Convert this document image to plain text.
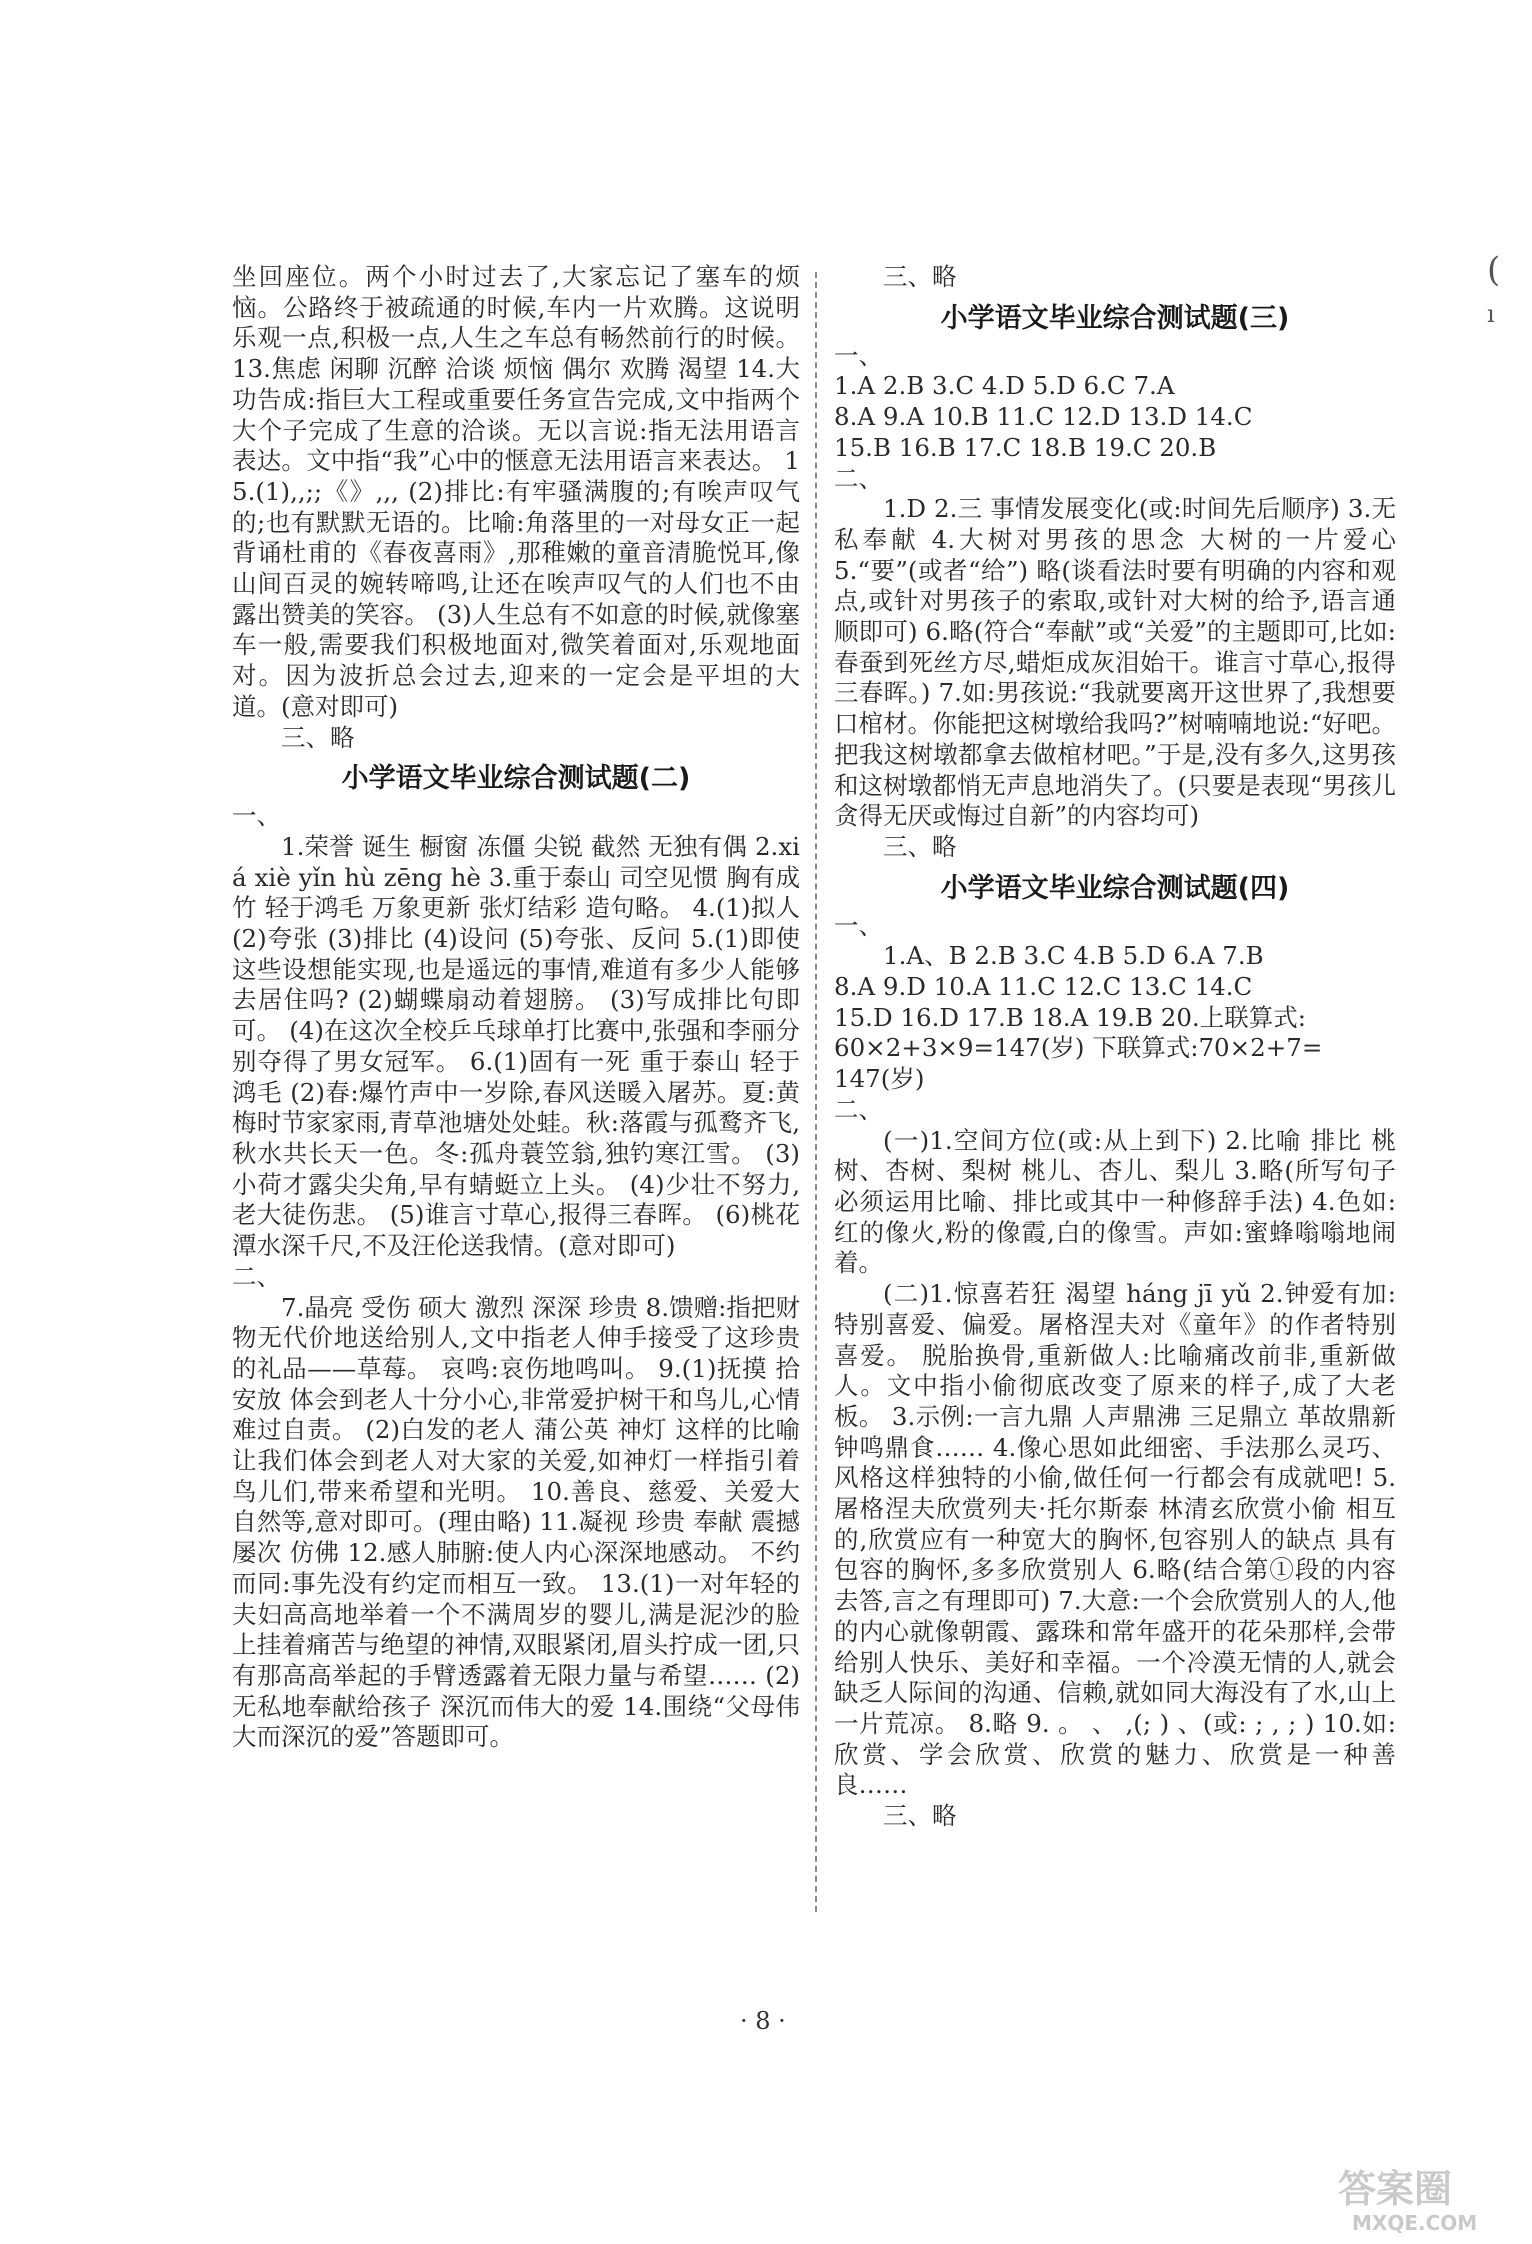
坐回座位。两个小时过去了,大家忘记了塞车的烦恼。公路终于被疏通的时候,车内一片欢腾。这说明乐观一点,积极一点,人生之车总有畅然前行的时候。 13.焦虑 闲聊 沉醉 洽谈 烦恼 偶尔 欢腾 渴望 14.大功告成:指巨大工程或重要任务宣告完成,文中指两个大个子完成了生意的洽谈。无以言说:指无法用语言表达。文中指“我”心中的惬意无法用语言来表达。 15.(1),,;;《》,,, (2)排比:有牢骚满腹的;有唉声叹气的;也有默默无语的。比喻:角落里的一对母女正一起背诵杜甫的《春夜喜雨》,那稚嫩的童音清脆悦耳,像山间百灵的婉转啼鸣,让还在唉声叹气的人们也不由露出赞美的笑容。 (3)人生总有不如意的时候,就像塞车一般,需要我们积极地面对,微笑着面对,乐观地面对。因为波折总会过去,迎来的一定会是平坦的大道。(意对即可)

三、略

小学语文毕业综合测试题(二)

一、

1.荣誉 诞生 橱窗 冻僵 尖锐 截然 无独有偶 2.xiá xiè yǐn hù zēng hè 3.重于泰山 司空见惯 胸有成竹 轻于鸿毛 万象更新 张灯结彩 造句略。 4.(1)拟人 (2)夸张 (3)排比 (4)设问 (5)夸张、反问 5.(1)即使这些设想能实现,也是遥远的事情,难道有多少人能够去居住吗? (2)蝴蝶扇动着翅膀。 (3)写成排比句即可。 (4)在这次全校乒乓球单打比赛中,张强和李丽分别夺得了男女冠军。 6.(1)固有一死 重于泰山 轻于鸿毛 (2)春:爆竹声中一岁除,春风送暖入屠苏。夏:黄梅时节家家雨,青草池塘处处蛙。秋:落霞与孤鹜齐飞,秋水共长天一色。冬:孤舟蓑笠翁,独钓寒江雪。 (3)小荷才露尖尖角,早有蜻蜓立上头。 (4)少壮不努力,老大徒伤悲。 (5)谁言寸草心,报得三春晖。 (6)桃花潭水深千尺,不及汪伦送我情。(意对即可)

二、

7.晶亮 受伤 硕大 激烈 深深 珍贵 8.馈赠:指把财物无代价地送给别人,文中指老人伸手接受了这珍贵的礼品——草莓。 哀鸣:哀伤地鸣叫。 9.(1)抚摸 拾 安放 体会到老人十分小心,非常爱护树干和鸟儿,心情难过自责。 (2)白发的老人 蒲公英 神灯 这样的比喻让我们体会到老人对大家的关爱,如神灯一样指引着鸟儿们,带来希望和光明。 10.善良、慈爱、关爱大自然等,意对即可。(理由略) 11.凝视 珍贵 奉献 震撼 屡次 仿佛 12.感人肺腑:使人内心深深地感动。 不约而同:事先没有约定而相互一致。 13.(1)一对年轻的夫妇高高地举着一个不满周岁的婴儿,满是泥沙的脸上挂着痛苦与绝望的神情,双眼紧闭,眉头拧成一团,只有那高高举起的手臂透露着无限力量与希望…… (2)无私地奉献给孩子 深沉而伟大的爱 14.围绕“父母伟大而深沉的爱”答题即可。

三、略

小学语文毕业综合测试题(三)

一、

1.A 2.B 3.C 4.D 5.D 6.C 7.A

8.A 9.A 10.B 11.C 12.D 13.D 14.C

15.B 16.B 17.C 18.B 19.C 20.B

二、

1.D 2.三 事情发展变化(或:时间先后顺序) 3.无私奉献 4.大树对男孩的思念 大树的一片爱心 5.“要”(或者“给”) 略(谈看法时要有明确的内容和观点,或针对男孩子的索取,或针对大树的给予,语言通顺即可) 6.略(符合“奉献”或“关爱”的主题即可,比如:春蚕到死丝方尽,蜡炬成灰泪始干。谁言寸草心,报得三春晖。) 7.如:男孩说:“我就要离开这世界了,我想要口棺材。你能把这树墩给我吗?”树喃喃地说:“好吧。把我这树墩都拿去做棺材吧。”于是,没有多久,这男孩和这树墩都悄无声息地消失了。(只要是表现“男孩儿贪得无厌或悔过自新”的内容均可)

三、略

小学语文毕业综合测试题(四)

一、

1.A、B 2.B 3.C 4.B 5.D 6.A 7.B

8.A 9.D 10.A 11.C 12.C 13.C 14.C

15.D 16.D 17.B 18.A 19.B 20.上联算式:

60×2+3×9=147(岁) 下联算式:70×2+7=

147(岁)

二、

(一)1.空间方位(或:从上到下) 2.比喻 排比 桃树、杏树、梨树 桃儿、杏儿、梨儿 3.略(所写句子必须运用比喻、排比或其中一种修辞手法) 4.色如:红的像火,粉的像霞,白的像雪。声如:蜜蜂嗡嗡地闹着。

(二)1.惊喜若狂 渴望 háng jī yǔ 2.钟爱有加:特别喜爱、偏爱。屠格涅夫对《童年》的作者特别喜爱。 脱胎换骨,重新做人:比喻痛改前非,重新做人。文中指小偷彻底改变了原来的样子,成了大老板。 3.示例:一言九鼎 人声鼎沸 三足鼎立 革故鼎新 钟鸣鼎食…… 4.像心思如此细密、手法那么灵巧、风格这样独特的小偷,做任何一行都会有成就吧! 5.屠格涅夫欣赏列夫·托尔斯泰 林清玄欣赏小偷 相互的,欣赏应有一种宽大的胸怀,包容别人的缺点 具有包容的胸怀,多多欣赏别人 6.略(结合第①段的内容去答,言之有理即可) 7.大意:一个会欣赏别人的人,他的内心就像朝霞、露珠和常年盛开的花朵那样,会带给别人快乐、美好和幸福。一个冷漠无情的人,就会缺乏人际间的沟通、信赖,就如同大海没有了水,山上一片荒凉。 8.略 9. 。 、 ,(; ) 、(或: ; , ; ) 10.如:欣赏、学会欣赏、欣赏的魅力、欣赏是一种善良……

三、略

· 8 ·
(
ı
答案圈
MXQE.COM
